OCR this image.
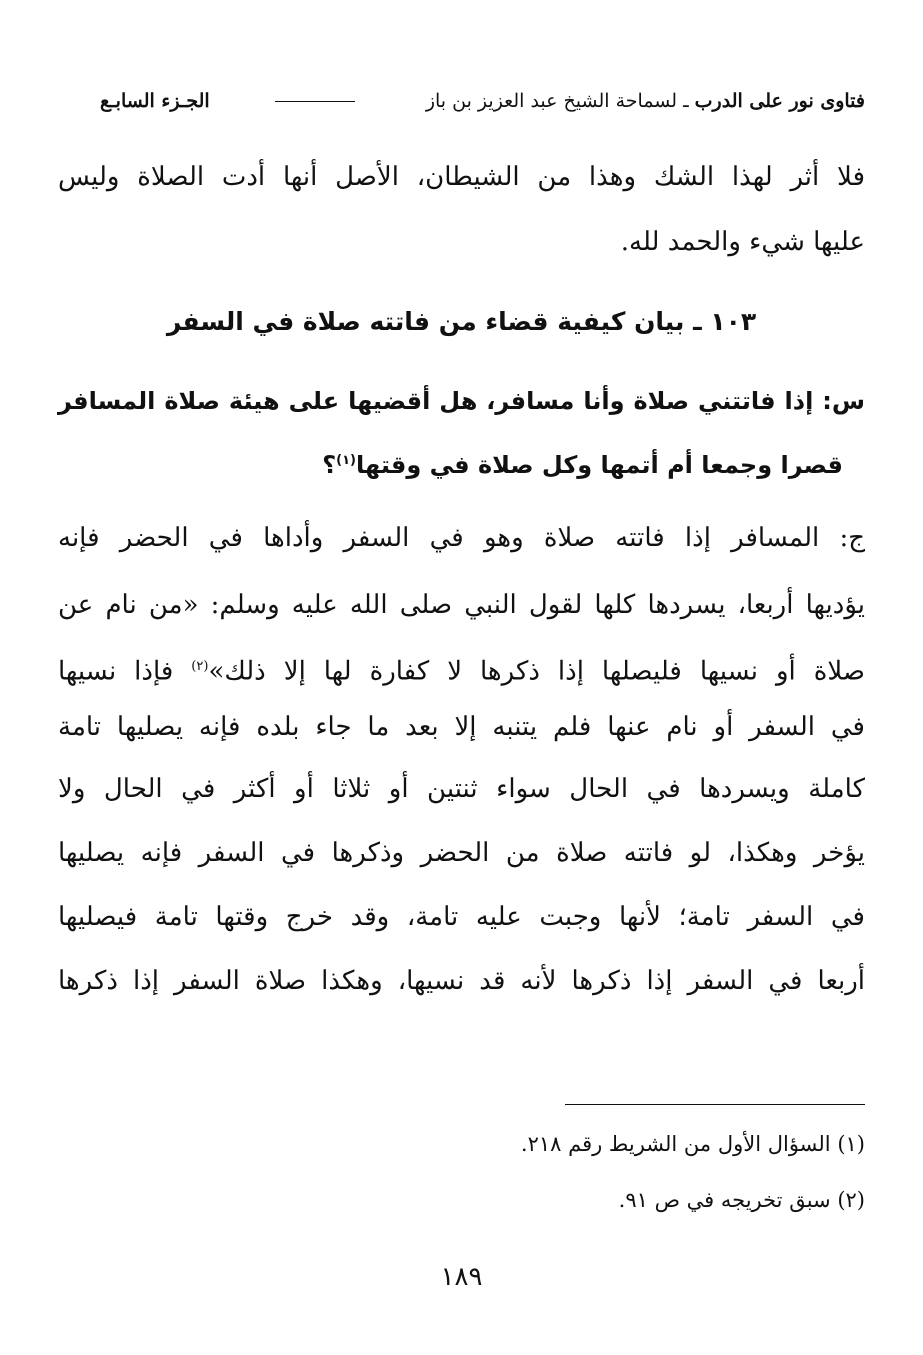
فتاوى نور على الدرب
ـ لسماحة الشيخ عبد العزيز بن باز
الجـزء السابـع
فلا أثر لهذا الشك وهذا من الشيطان، الأصل أنها أدت الصلاة وليس
عليها شيء والحمد لله.
١٠٣ ـ بيان كيفية قضاء من فاتته صلاة في السفر
س: إذا فاتتني صلاة وأنا مسافر، هل أقضيها على هيئة صلاة المسافر
قصرا وجمعا أم أتمها وكل صلاة في وقتها$^{(١)}$؟
ج: المسافر إذا فاتته صلاة وهو في السفر وأداها في الحضر فإنه
يؤديها أربعا، يسردها كلها لقول النبي صلى الله عليه وسلم: «من نام عن
صلاة أو نسيها فليصلها إذا ذكرها لا كفارة لها إلا ذلك»$^{(٢)}$ فإذا نسيها
في السفر أو نام عنها فلم يتنبه إلا بعد ما جاء بلده فإنه يصليها تامة
كاملة ويسردها في الحال سواء ثنتين أو ثلاثا أو أكثر في الحال ولا
يؤخر وهكذا، لو فاتته صلاة من الحضر وذكرها في السفر فإنه يصليها
في السفر تامة؛ لأنها وجبت عليه تامة، وقد خرج وقتها تامة فيصليها
أربعا في السفر إذا ذكرها لأنه قد نسيها، وهكذا صلاة السفر إذا ذكرها
(١) السؤال الأول من الشريط رقم ٢١٨.
(٢) سبق تخريجه في ص ٩١.
١٨٩
